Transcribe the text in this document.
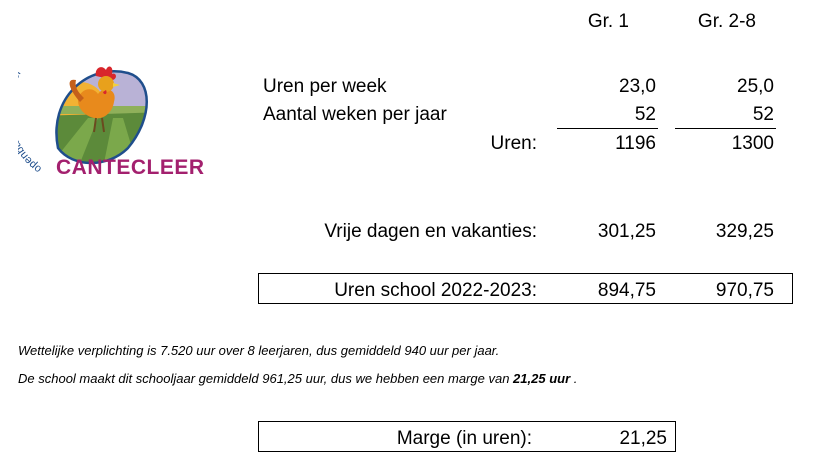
open
CANTECLEER
Gr. 1	Gr. 2-8
Uren per week	23,0	25,0
Aantal weken per jaar	52	52
Uren:	1196	1300
Vrije dagen en vakanties:	301,25	329,25
Uren school 2022-2023:	894,75	970,75
Wettelijke verplichting is 7.520 uur over 8 leerjaren, dus gemiddeld 940 uur per jaar.
De school maakt dit schooljaar gemiddeld 961,25 uur, dus we hebben een marge van 21,25 uur .
Marge (in uren):	21,25
